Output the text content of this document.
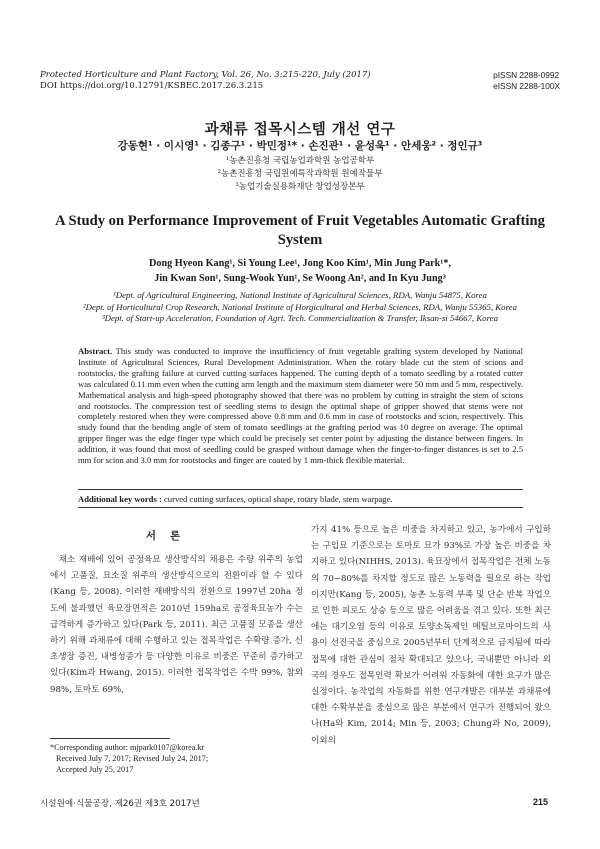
Protected Horticulture and Plant Factory, Vol. 26, No. 3:215-220, July (2017)
DOI https://doi.org/10.12791/KSBEC.2017.26.3.215
pISSN 2288-0992
eISSN 2288-100X
과채류 접목시스템 개선 연구
강동현¹ · 이시영¹ · 김종구¹ · 박민정¹* · 손진관¹ · 윤성욱¹ · 안세웅² · 정인규³
¹농촌진흥청 국립농업과학원 농업공학부
²농촌진흥청 국립원예특작과학원 원예작물부
³농업기술실용화재단 창업성장본부
A Study on Performance Improvement of Fruit Vegetables Automatic Grafting System
Dong Hyeon Kang¹, Si Young Lee¹, Jong Koo Kim¹, Min Jung Park¹*,
Jin Kwan Son¹, Sung-Wook Yun¹, Se Woong An², and In Kyu Jung³
¹Dept. of Agricultural Engineering, National Institute of Agricultural Sciences, RDA, Wanju 54875, Korea
²Dept. of Horticultural Crop Research, National Institute of Horgicultural and Herbal Sciences, RDA, Wanju 55365, Korea
³Dept. of Start-up Acceleration, Foundation of Agri. Tech. Commercialization & Transfer, Iksan-si 54667, Korea
Abstract. This study was conducted to improve the insufficiency of fruit vegetable grafting system developed by National Institute of Agricultural Sciences, Rural Development Administration. When the rotary blade cut the stem of scions and rootstocks, the grafting failure at curved cutting surfaces happened. The cutting depth of a tomato seedling by a rotated cutter was calculated 0.11 mm even when the cutting arm length and the maximum stem diameter were 50 mm and 5 mm, respectively. Mathematical analysis and high-speed photography showed that there was no problem by cutting in straight the stem of scions and rootstocks. The compression test of seedling stems to design the optimal shape of gripper showed that stems were not completely restored when they were compressed above 0.8 mm and 0.6 mm in case of rootstocks and scion, respectively. This study found that the bending angle of stem of tomato seedlings at the grafting period was 10 degree on average. The optimal gripper finger was the edge finger type which could be precisely set center point by adjusting the distance between fingers. In addition, it was found that most of seedling could be grasped without damage when the finger-to-finger distances is set to 2.5 mm for scion and 3.0 mm for rootstocks and finger are coated by 1 mm-thick flexible material.
Additional key words : curved cutting surfaces, optical shape, rotary blade, stem warpage.
서론

채소 재배에 있어 공정육묘 생산방식의 채용은 수량 위주의 농업에서 고품질, 묘소질 위주의 생산방식으로의 전환이라 할 수 있다(Kang 등, 2008). 이러한 재배방식의 전환으로 1997년 20ha 정도에 불과했던 육묘장면적은 2010년 159ha로 공정육묘농가 수는 급격하게 증가하고 있다(Park 등, 2011). 최근 고품질 모종을 생산하기 위해 과채류에 대해 수행하고 있는 접목작업은 수확량 증가, 신초생장 증진, 내병성증가 등 다양한 이유로 비중은 꾸준히 증가하고 있다(Kim과 Hwang, 2015). 이러한 접목작업은 수박 99%, 참외 98%, 토마토 69%,

가지 41% 등으로 높은 비중을 차지하고 있고, 농가에서 구입하는 구입묘 기준으로는 토마토 묘가 93%로 가장 높은 비중을 차지하고 있다(NIHHS, 2013). 육묘장에서 접목작업은 전체 노동의 70~80%를 차지할 정도로 많은 노동력을 필요로 하는 작업이지만(Kang 등, 2005), 농촌 노동력 부족 및 단순 반복 작업으로 인한 피로도 상승 등으로 많은 어려움을 겪고 있다. 또한 최근에는 대기오염 등의 이유로 토양소독제인 메틸브로마이드의 사용이 선진국을 중심으로 2005년부터 단계적으로 금지됨에 따라 접목에 대한 관심이 점차 확대되고 있으나, 국내뿐만 아니라 외국의 경우도 접목인력 확보가 어려워 자동화에 대한 요구가 많은 실정이다. 농작업의 자동화를 위한 연구개발은 대부분 과채류에 대한 수확부분을 중심으로 많은 부분에서 연구가 진행되어 왔으나(Ha와 Kim, 2014; Min 등, 2003; Chung과 No, 2009), 이외의

*Corresponding author: mjpark0107@korea.kr
Received July 7, 2017; Revised July 24, 2017;
Accepted July 25, 2017
시설원예·식물공장, 제26권 제3호 2017년	215
